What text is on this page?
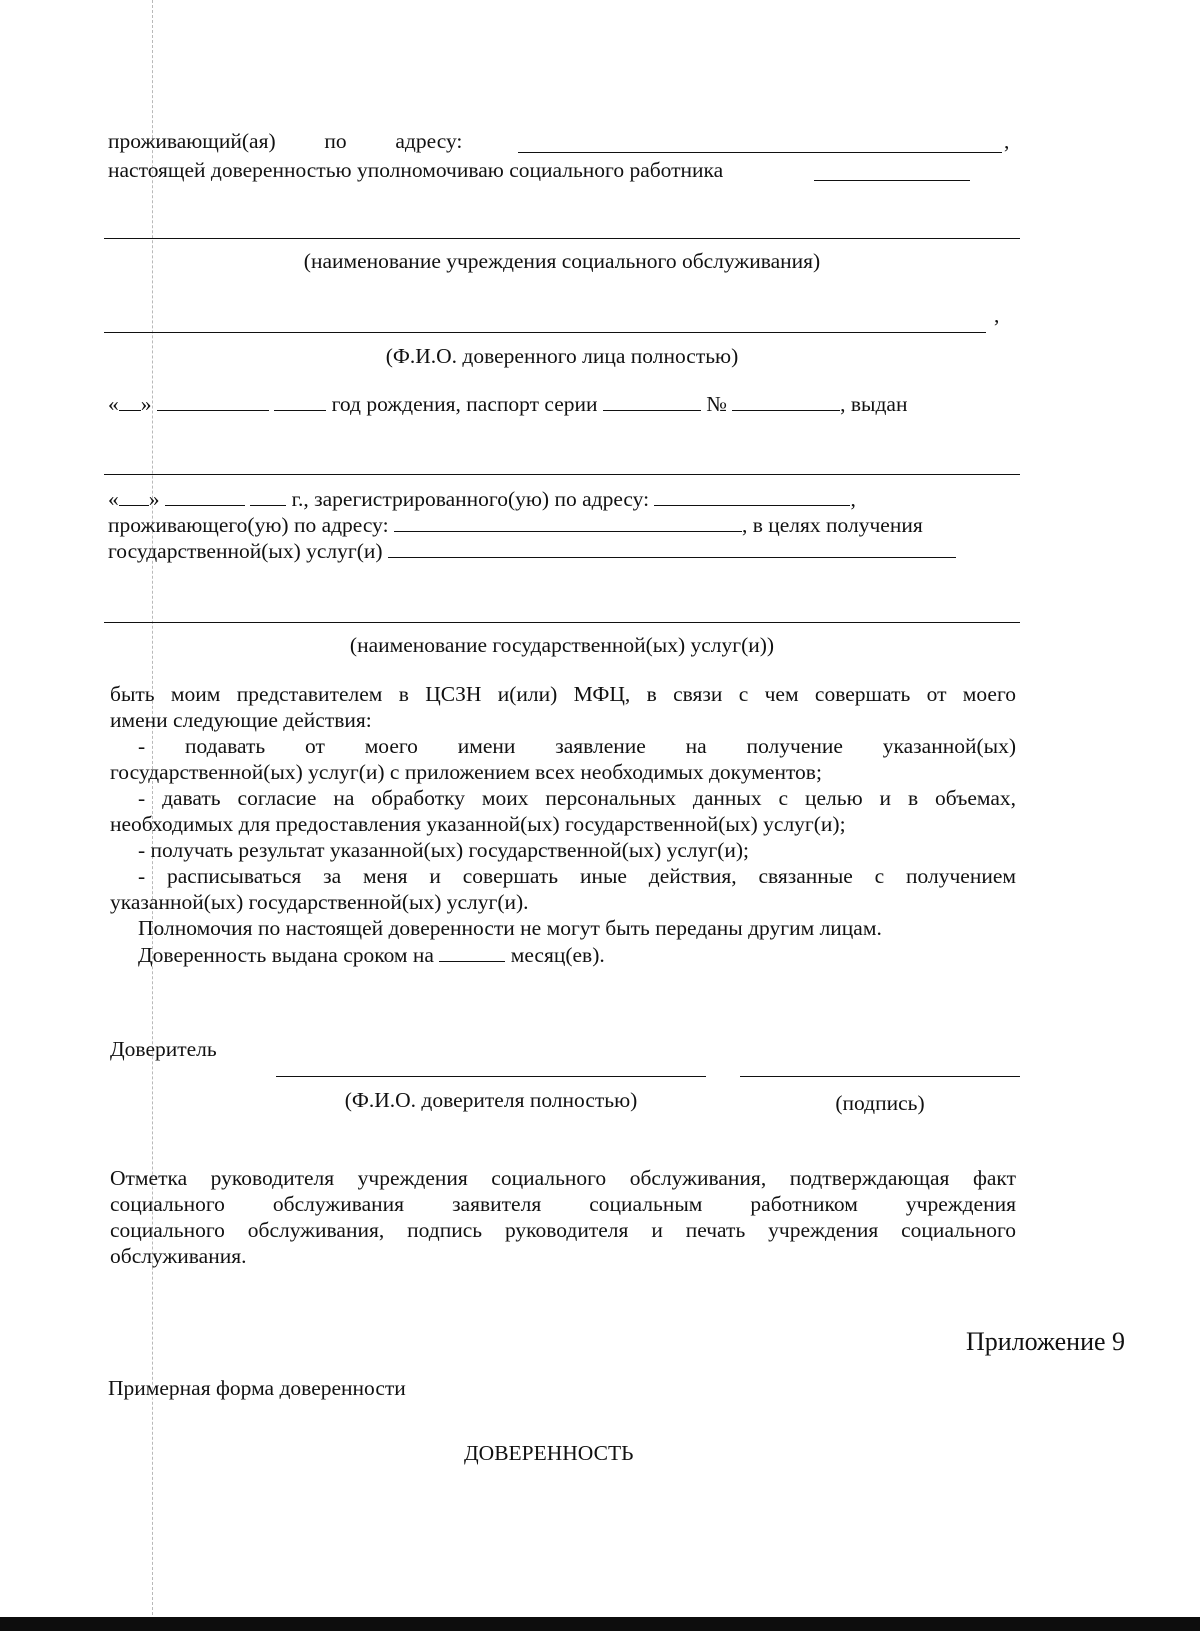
проживающий(ая) по адресу:	,
настоящей доверенностью уполномочиваю социального работника
(наименование учреждения социального обслуживания)
,
(Ф.И.О. доверенного лица полностью)
« »	год рождения, паспорт серии	№	, выдан
« »	г., зарегистрированного(ую) по адресу:	,
проживающего(ую) по адресу:	, в целях получения
государственной(ых) услуг(и)
(наименование государственной(ых) услуг(и))
быть моим представителем в ЦСЗН и(или) МФЦ, в связи с чем совершать от моего
имени следующие действия:
- подавать от моего имени заявление на получение указанной(ых)
государственной(ых) услуг(и) с приложением всех необходимых документов;
- давать согласие на обработку моих персональных данных с целью и в объемах,
необходимых для предоставления указанной(ых) государственной(ых) услуг(и);
- получать результат указанной(ых) государственной(ых) услуг(и);
- расписываться за меня и совершать иные действия, связанные с получением
указанной(ых) государственной(ых) услуг(и).
Полномочия по настоящей доверенности не могут быть переданы другим лицам.
Доверенность выдана сроком на	месяц(ев).
Доверитель
(Ф.И.О. доверителя полностью)	(подпись)
Отметка руководителя учреждения социального обслуживания, подтверждающая факт
социального обслуживания заявителя социальным работником учреждения
социального обслуживания, подпись руководителя и печать учреждения социального
обслуживания.
Приложение 9
Примерная форма доверенности
ДОВЕРЕННОСТЬ
